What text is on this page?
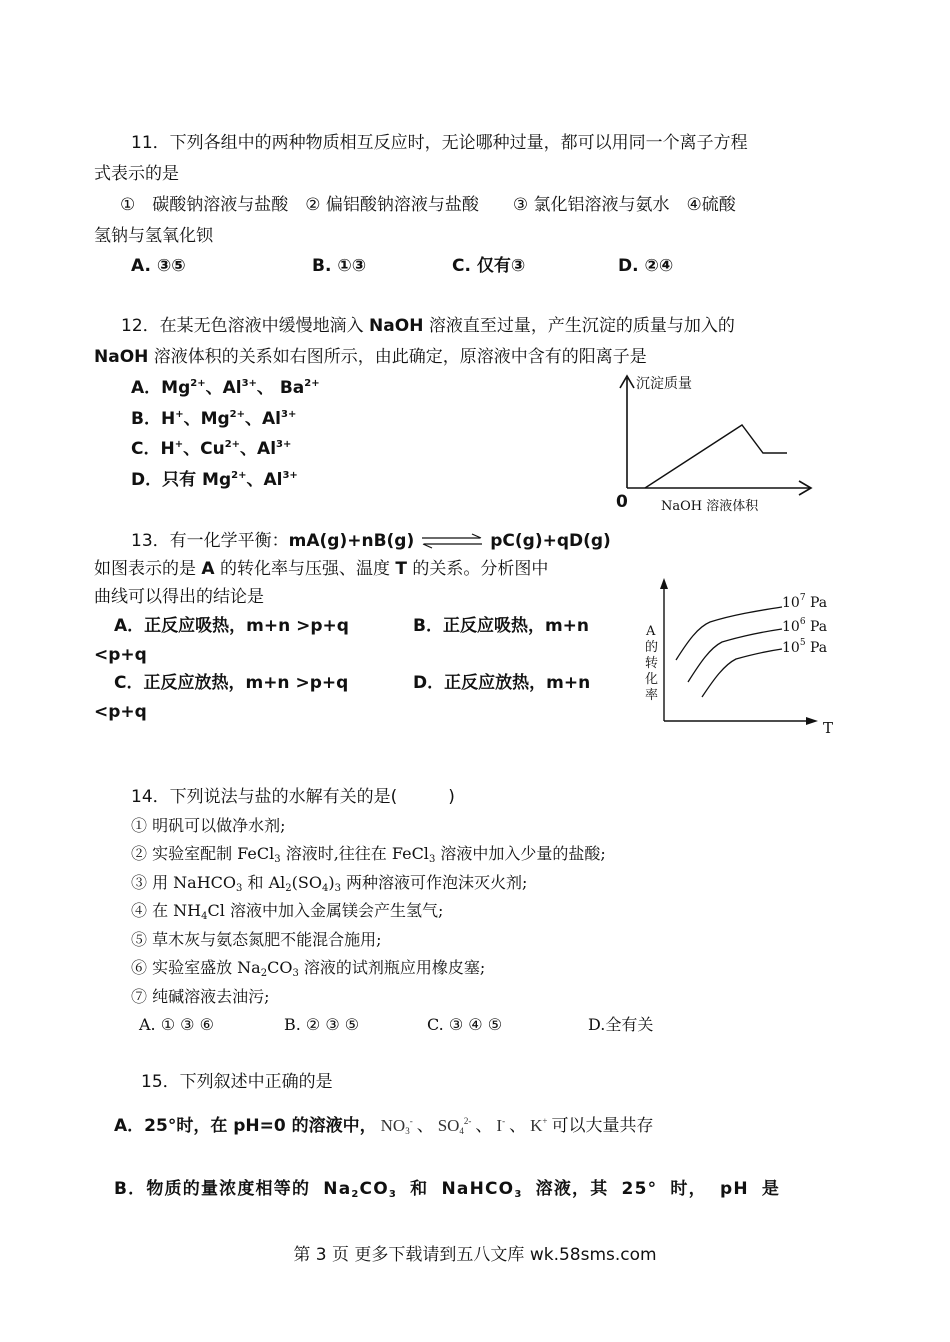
11．下列各组中的两种物质相互反应时，无论哪种过量，都可以用同一个离子方程
式表示的是
①　碳酸钠溶液与盐酸　② 偏铝酸钠溶液与盐酸　　③ 氯化铝溶液与氨水　④硫酸
氢钠与氢氧化钡
A. ③⑤	B. ①③	C. 仅有③	D. ②④
12．在某无色溶液中缓慢地滴入 NaOH 溶液直至过量，产生沉淀的质量与加入的
NaOH 溶液体积的关系如右图所示，由此确定，原溶液中含有的阳离子是
A．$Mg^{2+}$、$Al^{3+}$、 $Ba^{2+}$
B．H+、$Mg^{2+}$、$Al^{3+}$
C．H+、$Cu^{2+}$、$Al^{3+}$
D．只有 $Mg^{2+}$、$Al^{3+}$
沉淀质量
NaOH 溶液体积
0
13．有一化学平衡：mA(g)+nB(g) ⇌ pC(g)+qD(g)
如图表示的是 A 的转化率与压强、温度 T 的关系。分析图中
曲线可以得出的结论是
A．正反应吸热，m+n >p+q	B．正反应吸热，m+n
<p+q
C．正反应放热，m+n >p+q	D．正反应放热，m+n
<p+q
A
的
转
化
率
T
$10^7$ Pa
$10^6$ Pa
$10^5$ Pa
14．下列说法与盐的水解有关的是(　　　)
① 明矾可以做净水剂;
② 实验室配制 FeCl$_3$ 溶液时,往往在 FeCl$_3$ 溶液中加入少量的盐酸;
③ 用 NaHCO$_3$ 和 $Al_2(SO_4)_3$ 两种溶液可作泡沫灭火剂;
④ 在 $NH_4Cl$ 溶液中加入金属镁会产生氢气;
⑤ 草木灰与氨态氮肥不能混合施用;
⑥ 实验室盛放 $Na_2CO_3$ 溶液的试剂瓶应用橡皮塞;
⑦ 纯碱溶液去油污;
A. ① ③ ⑥	B. ② ③ ⑤	C. ③ ④ ⑤	D.全有关
15．下列叙述中正确的是
A．25°时，在 pH=0 的溶液中， $NO_3^-$ 、 $SO_4^{2-}$ 、 I- 、 K+ 可以大量共存
B．物质的量浓度相等的 $Na_2CO_3$ 和 NaHCO$_3$ 溶液，其 25° 时， pH 是
第 3 页 更多下载请到五八文库 wk.58sms.com
